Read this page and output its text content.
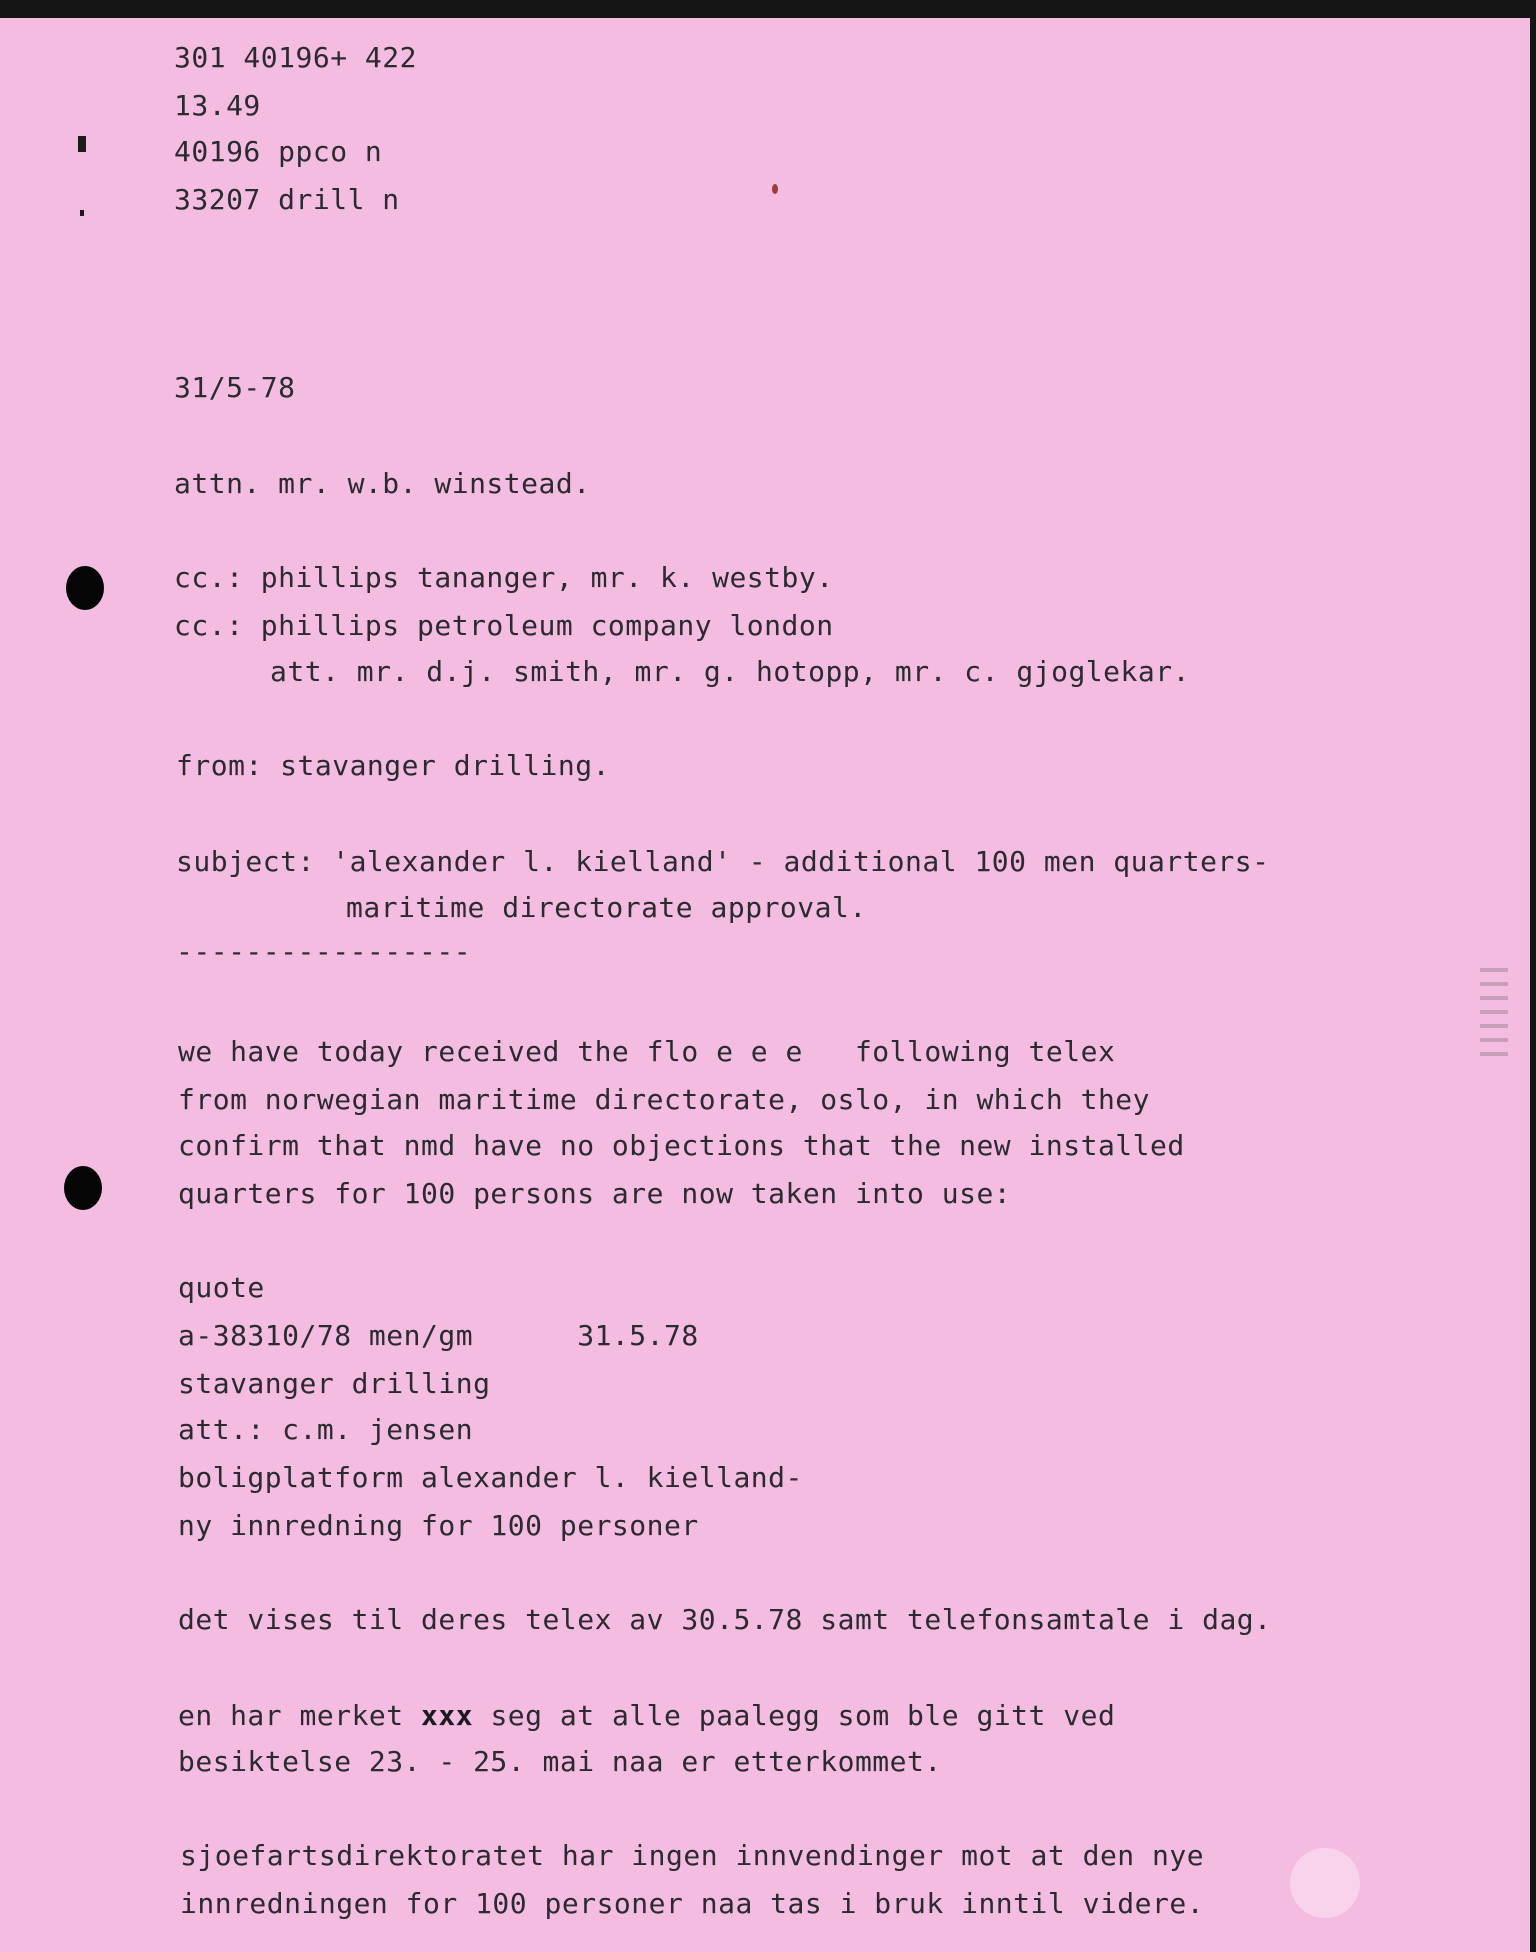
301 40196+ 422
13.49
40196 ppco n
33207 drill n
31/5-78
attn. mr. w.b. winstead.
cc.: phillips tananger, mr. k. westby.
cc.: phillips petroleum company london
att. mr. d.j. smith, mr. g. hotopp, mr. c. gjoglekar.
from: stavanger drilling.
subject: 'alexander l. kielland' - additional 100 men quarters-
maritime directorate approval.
-----------------
we have today received the flo e e e   following telex
from norwegian maritime directorate, oslo, in which they
confirm that nmd have no objections that the new installed
quarters for 100 persons are now taken into use:
quote
a-38310/78 men/gm      31.5.78
stavanger drilling
att.: c.m. jensen
boligplatform alexander l. kielland-
ny innredning for 100 personer
det vises til deres telex av 30.5.78 samt telefonsamtale i dag.
en har merket xxx seg at alle paalegg som ble gitt ved
besiktelse 23. - 25. mai naa er etterkommet.
sjoefartsdirektoratet har ingen innvendinger mot at den nye
innredningen for 100 personer naa tas i bruk inntil videre.
